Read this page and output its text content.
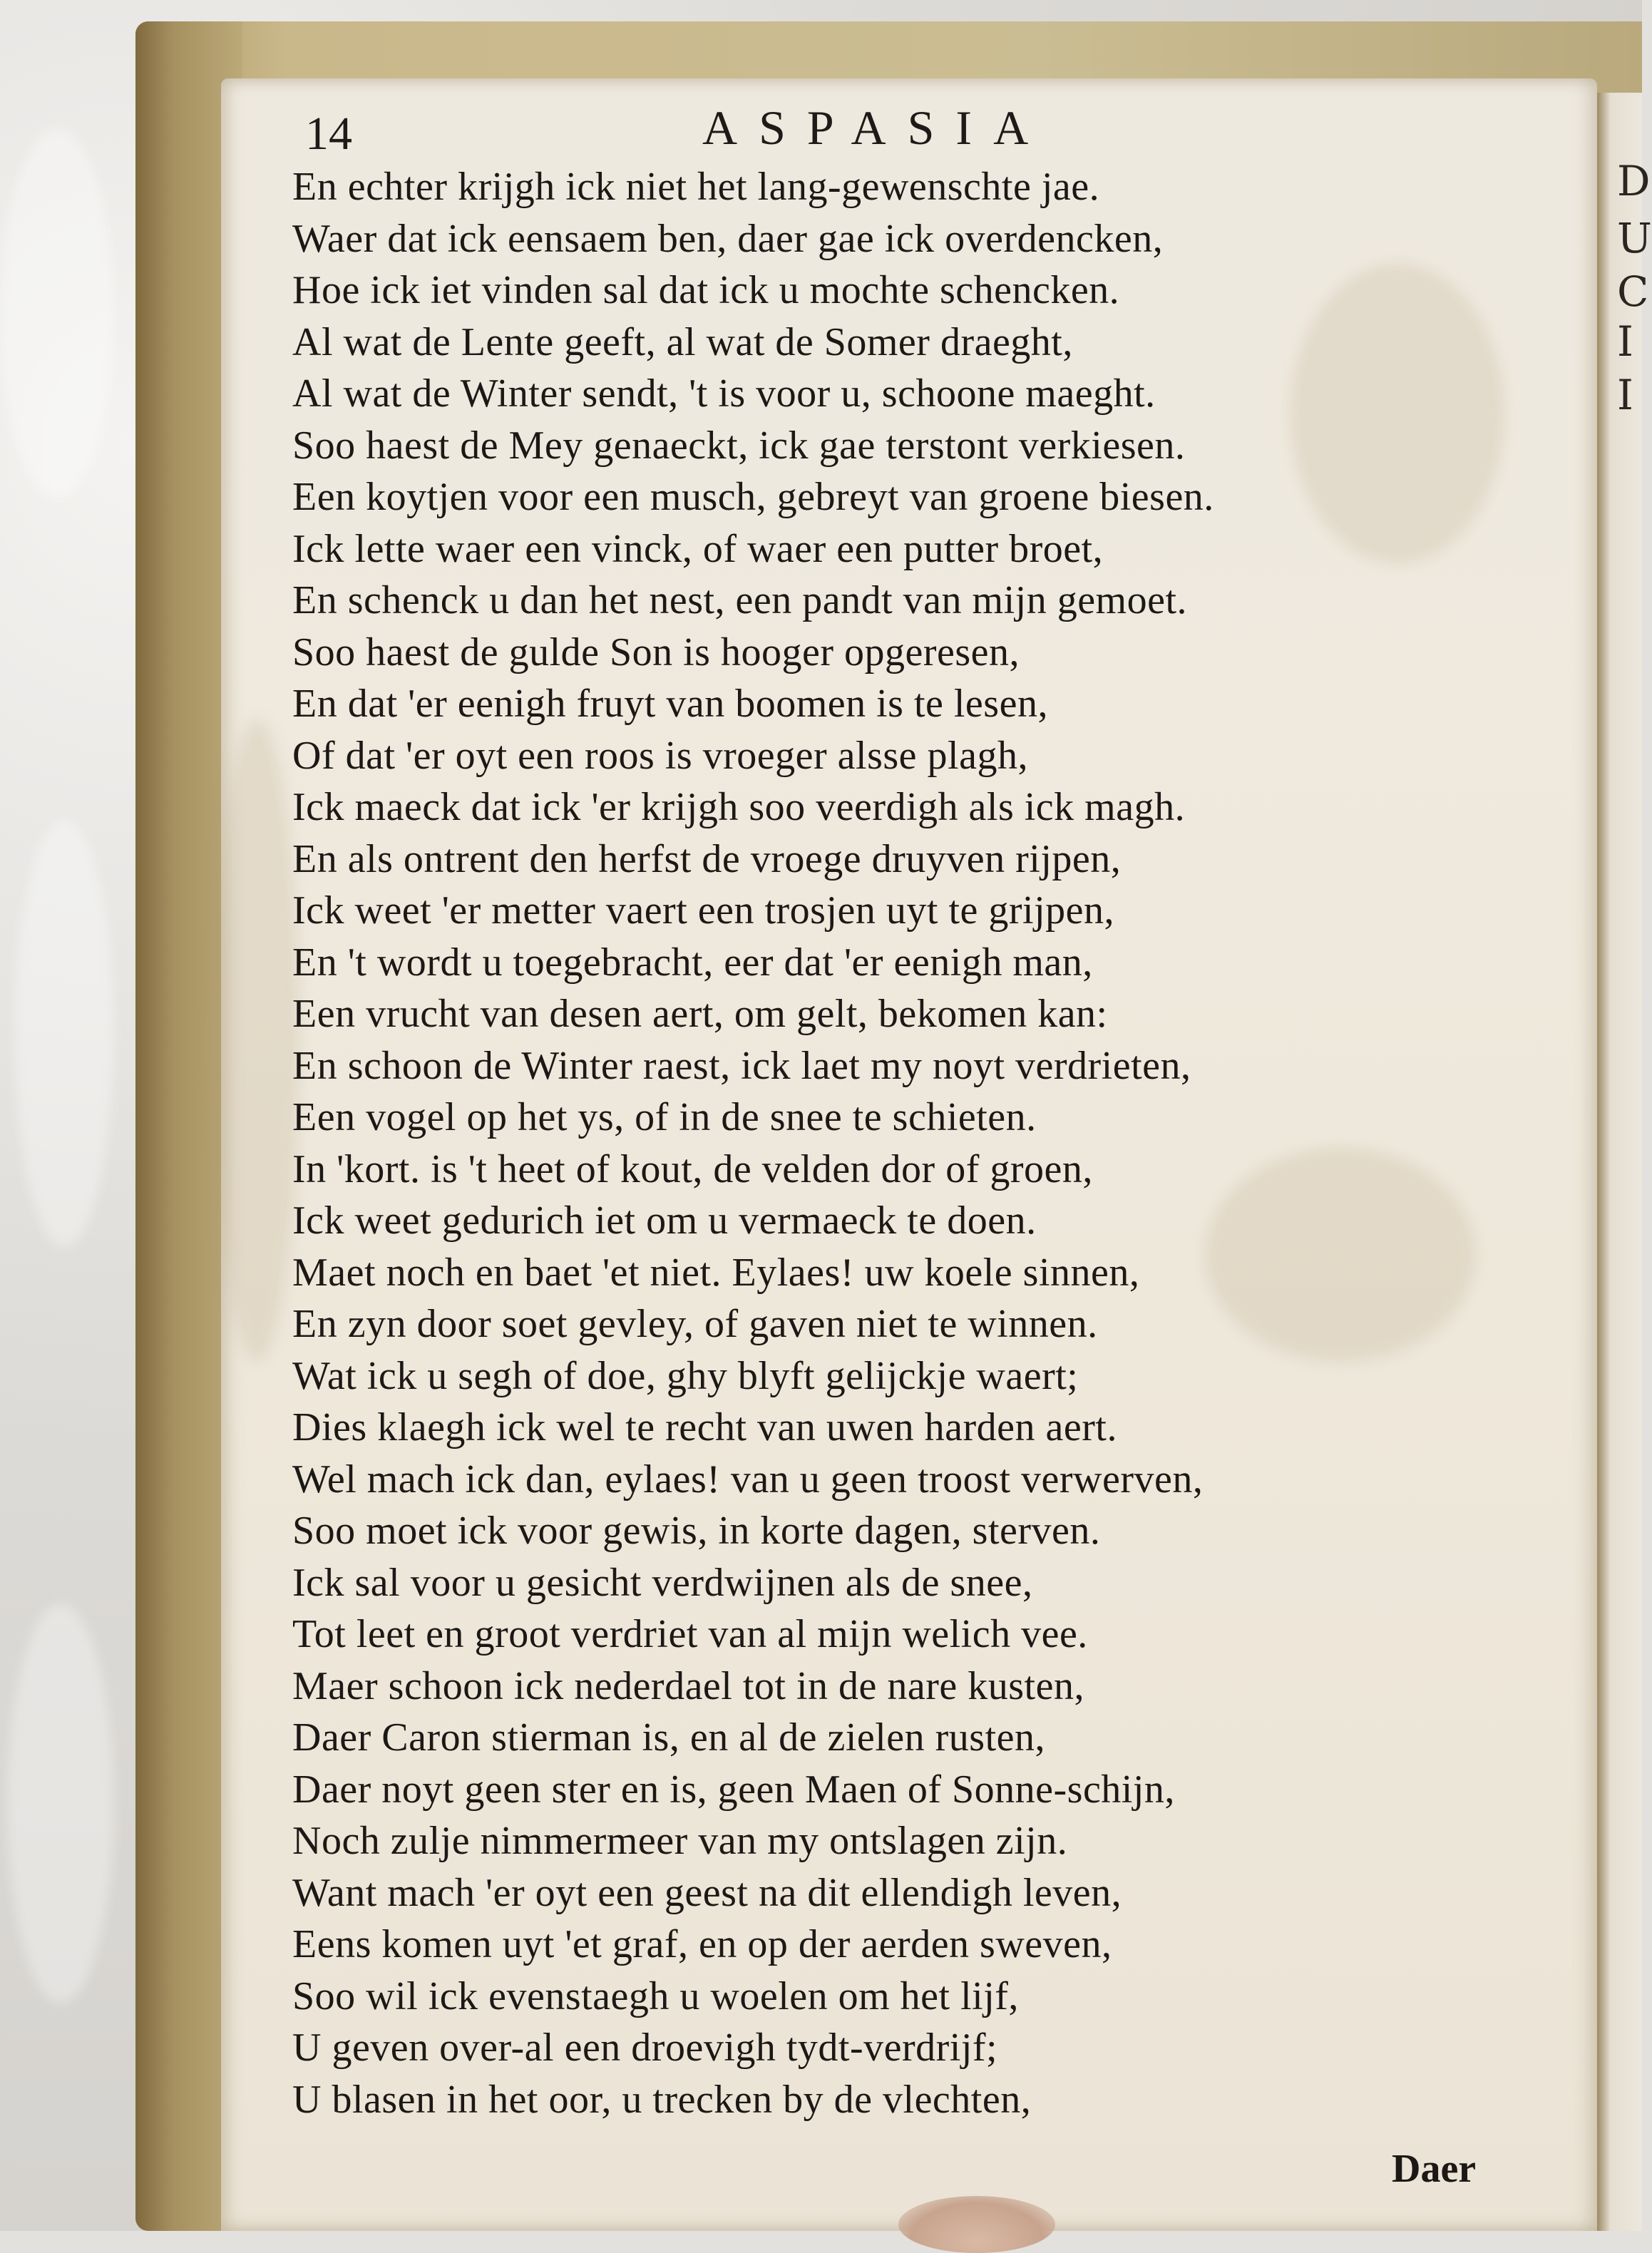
D
U
C
I
I
14	ASPASIA
En echter krijgh ick niet het lang-gewenschte jae.
Waer dat ick eensaem ben, daer gae ick overdencken,
Hoe ick iet vinden sal dat ick u mochte schencken.
Al wat de Lente geeft, al wat de Somer draeght,
Al wat de Winter sendt, 't is voor u, schoone maeght.
Soo haest de Mey genaeckt, ick gae terstont verkiesen.
Een koytjen voor een musch, gebreyt van groene biesen.
Ick lette waer een vinck, of waer een putter broet,
En schenck u dan het nest, een pandt van mijn gemoet.
Soo haest de gulde Son is hooger opgeresen,
En dat 'er eenigh fruyt van boomen is te lesen,
Of dat 'er oyt een roos is vroeger alsse plagh,
Ick maeck dat ick 'er krijgh soo veerdigh als ick magh.
En als ontrent den herfst de vroege druyven rijpen,
Ick weet 'er metter vaert een trosjen uyt te grijpen,
En 't wordt u toegebracht, eer dat 'er eenigh man,
Een vrucht van desen aert, om gelt, bekomen kan:
En schoon de Winter raest, ick laet my noyt verdrieten,
Een vogel op het ys, of in de snee te schieten.
In 'kort. is 't heet of kout, de velden dor of groen,
Ick weet gedurich iet om u vermaeck te doen.
Maet noch en baet 'et niet. Eylaes! uw koele sinnen,
En zyn door soet gevley, of gaven niet te winnen.
Wat ick u segh of doe, ghy blyft gelijckje waert;
Dies klaegh ick wel te recht van uwen harden aert.
Wel mach ick dan, eylaes! van u geen troost verwerven,
Soo moet ick voor gewis, in korte dagen, sterven.
Ick sal voor u gesicht verdwijnen als de snee,
Tot leet en groot verdriet van al mijn welich vee.
Maer schoon ick nederdael tot in de nare kusten,
Daer Caron stierman is, en al de zielen rusten,
Daer noyt geen ster en is, geen Maen of Sonne-schijn,
Noch zulje nimmermeer van my ontslagen zijn.
Want mach 'er oyt een geest na dit ellendigh leven,
Eens komen uyt 'et graf, en op der aerden sweven,
Soo wil ick evenstaegh u woelen om het lijf,
U geven over-al een droevigh tydt-verdrijf;
U blasen in het oor, u trecken by de vlechten,
Daer
